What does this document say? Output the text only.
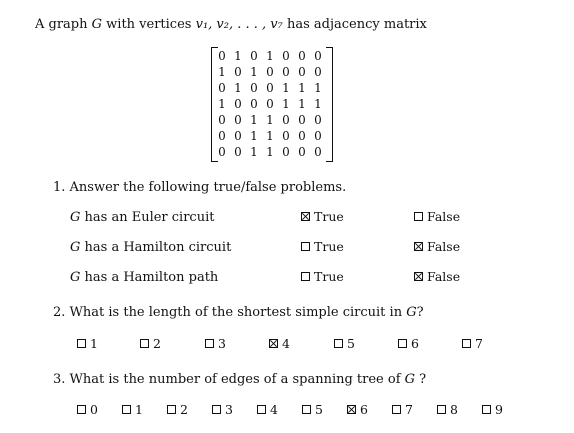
A graph G with vertices v₁, v₂, . . . , v₇ has adjacency matrix
0 1 0 1 0 0 0
1 0 1 0 0 0 0
0 1 0 0 1 1 1
1 0 0 0 1 1 1
0 0 1 1 0 0 0
0 0 1 1 0 0 0
0 0 1 1 0 0 0
1. Answer the following true/false problems.
G has an Euler circuit
G has a Hamilton circuit
G has a Hamilton path
True	False
True	False
True	False
2. What is the length of the shortest simple circuit in G?
1	2	3	4	5	6	7
3. What is the number of edges of a spanning tree of G ?
0	1	2	3	4	5	6	7	8	9
